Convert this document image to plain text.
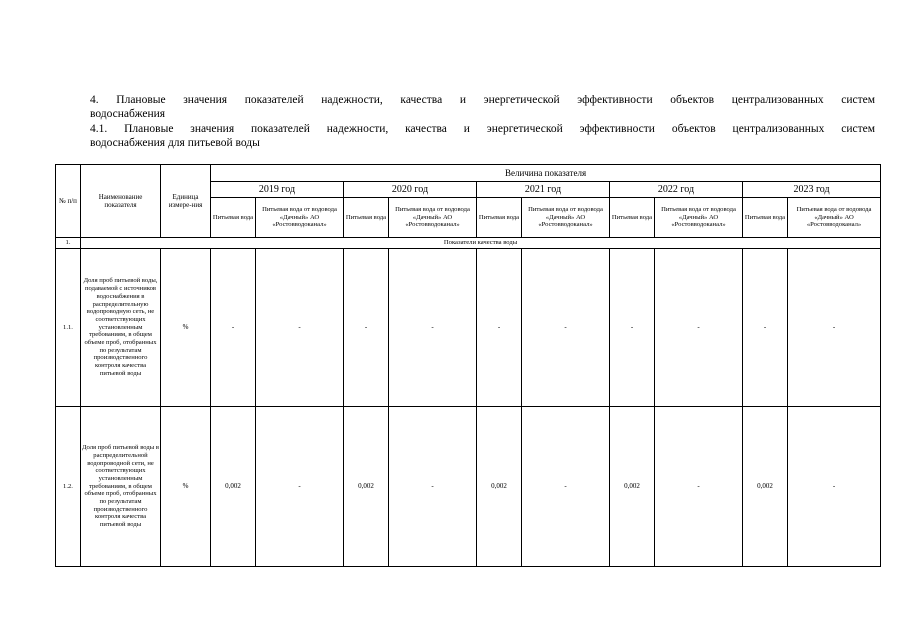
4. Плановые значения показателей надежности, качества и энергетической эффективности объектов централизованных систем
водоснабжения
4.1. Плановые значения показателей надежности, качества и энергетической эффективности объектов централизованных систем
водоснабжения для питьевой воды
№ п/п	Наименование показателя	Единица измере-ния	Величина показателя									
			2019 год		2020 год		2021 год		2022 год		2023 год	
			Питьевая вода	Питьевая вода от водовода «Дачный» АО «Ростовводоканал»	Питьевая вода	Питьевая вода от водовода «Дачный» АО «Ростовводоканал»	Питьевая вода	Питьевая вода от водовода «Дачный» АО «Ростовводоканал»	Питьевая вода	Питьевая вода от водовода «Дачный» АО «Ростовводоканал»	Питьевая вода	Питьевая вода от водовода «Дачный» АО «Ростовводоканал»
1.	Показатели качества воды											
1.1.	Доля проб питьевой воды, подаваемой с источников водоснабжения в распределительную водопроводную сеть, не соответствующих установленным требованиям, в общем объеме проб, отобранных по результатам производственного контроля качества питьевой воды	%	-	-	-	-	-	-	-	-	-	-
1.2.	Доля проб питьевой воды в распределительной водопроводной сети, не соответствующих установленным требованиям, в общем объеме проб, отобранных по результатам производственного контроля качества питьевой воды	%	0,002	-	0,002	-	0,002	-	0,002	-	0,002	-
